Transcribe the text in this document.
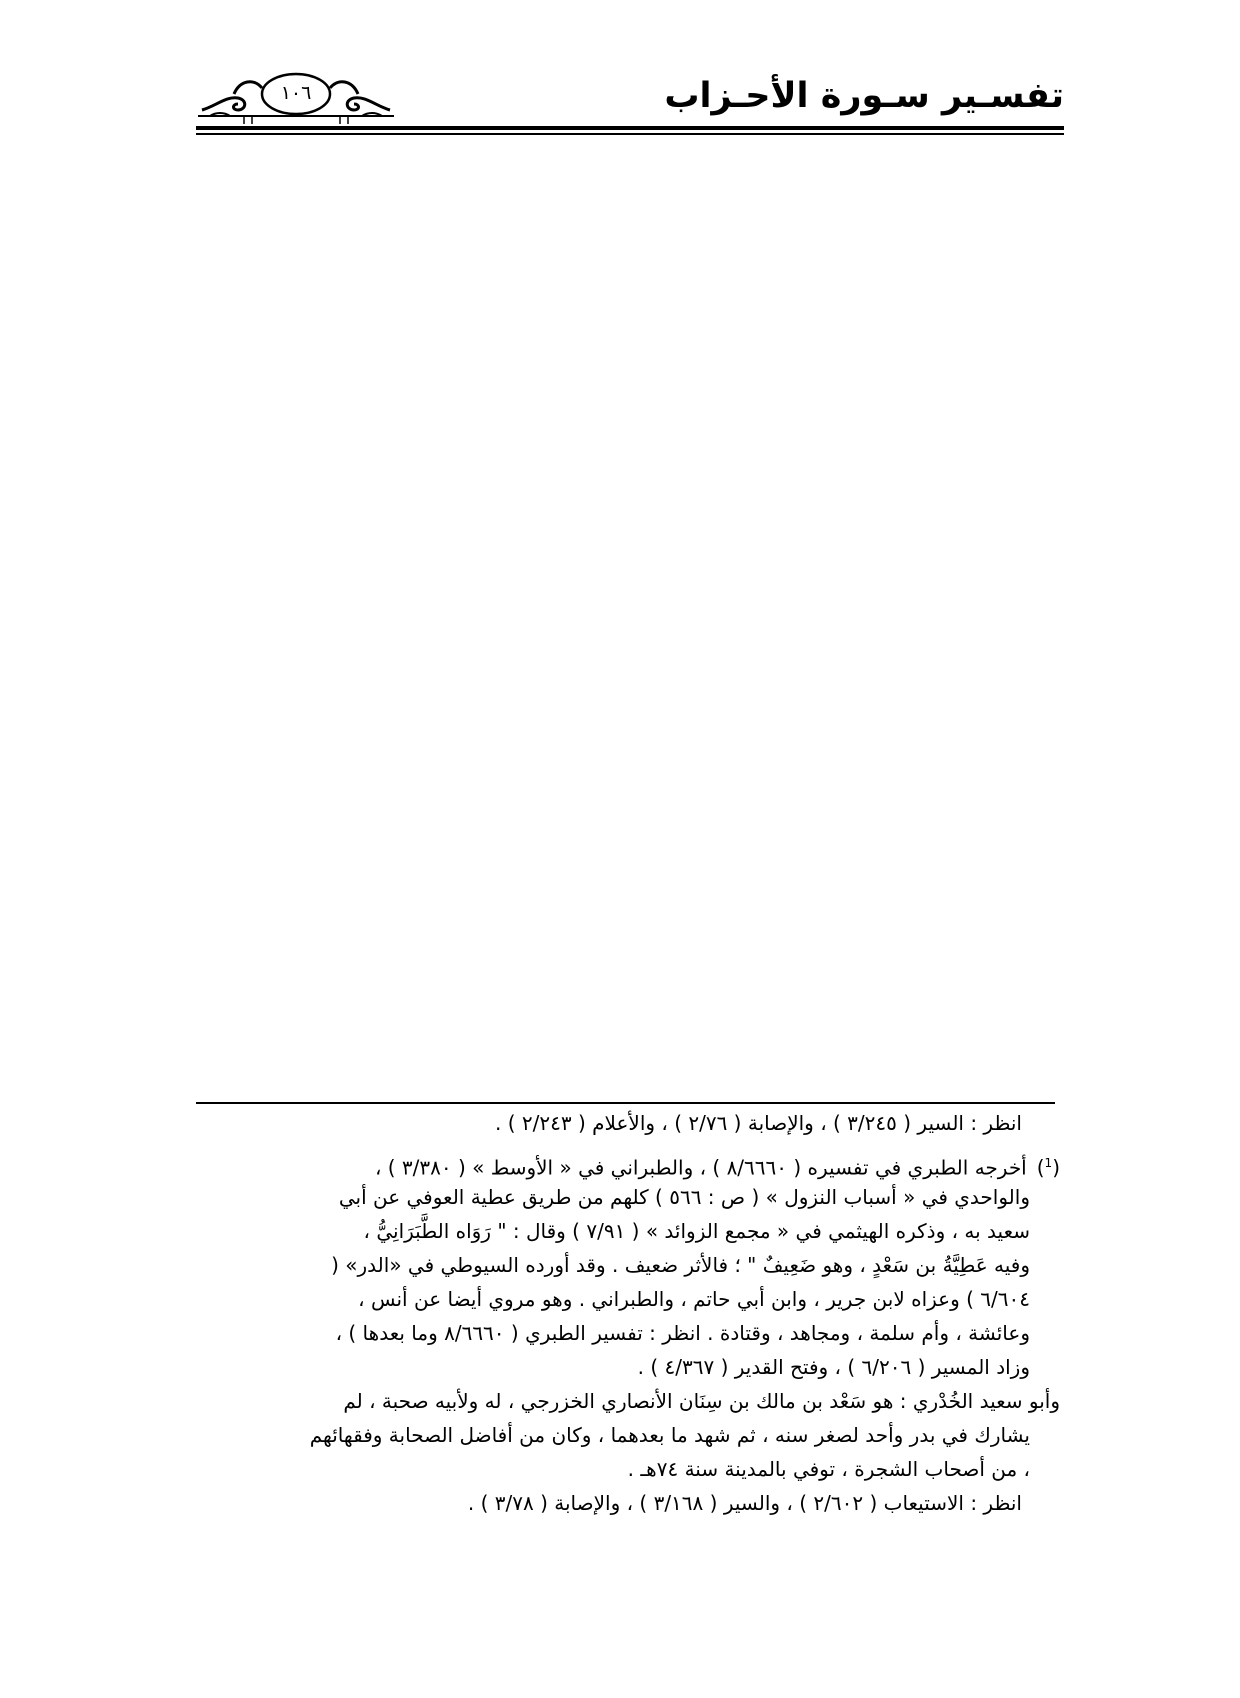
١٠٦	تفسـير سـورة الأحـزاب
انظر : السير ( ٣/٢٤٥ ) ، والإصابة ( ٢/٧٦ ) ، والأعلام ( ٢/٢٤٣ ) .
($^1$)أخرجه الطبري في تفسيره ( ٨/٦٦٦٠ ) ، والطبراني في « الأوسط » ( ٣/٣٨٠ ) ،
والواحدي في « أسباب النزول » ( ص : ٥٦٦ ) كلهم من طريق عطية العوفي عن أبي
سعيد به ، وذكره الهيثمي في « مجمع الزوائد » ( ٧/٩١ ) وقال : " رَوَاه الطَّبَرَانِيُّ ،
وفيه عَطِيَّةُ بن سَعْدٍ ، وهو ضَعِيفٌ " ؛ فالأثر ضعيف . وقد أورده السيوطي في «الدر» (
٦/٦٠٤ ) وعزاه لابن جرير ، وابن أبي حاتم ، والطبراني . وهو مروي أيضا عن أنس ،
وعائشة ، وأم سلمة ، ومجاهد ، وقتادة . انظر : تفسير الطبري ( ٨/٦٦٦٠ وما بعدها ) ،
وزاد المسير ( ٦/٢٠٦ ) ، وفتح القدير ( ٤/٣٦٧ ) .
وأبو سعيد الخُدْري : هو سَعْد بن مالك بن سِنَان الأنصاري الخزرجي ، له ولأبيه صحبة ، لم
يشارك في بدر وأحد لصغر سنه ، ثم شهد ما بعدهما ، وكان من أفاضل الصحابة وفقهائهم
، من أصحاب الشجرة ، توفي بالمدينة سنة ٧٤هـ .
انظر : الاستيعاب ( ٢/٦٠٢ ) ، والسير ( ٣/١٦٨ ) ، والإصابة ( ٣/٧٨ ) .
